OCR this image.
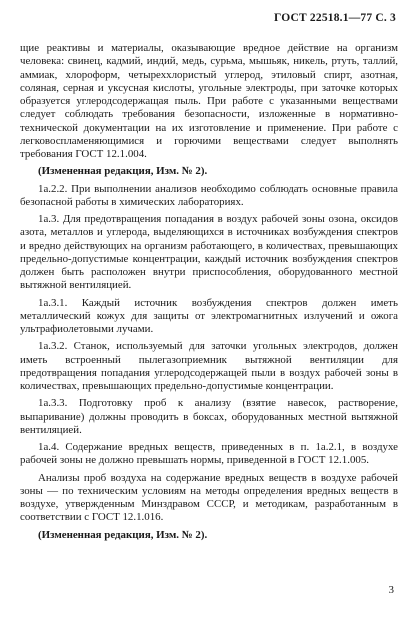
ГОСТ 22518.1—77 С. 3

щие реактивы и материалы, оказывающие вредное действие на организм человека: свинец, кадмий, индий, медь, сурьма, мышьяк, никель, ртуть, таллий, аммиак, хлороформ, четыреххлористый углерод, этиловый спирт, азотная, соляная, серная и уксусная кислоты, угольные электроды, при заточке которых образуется углеродсодержащая пыль. При работе с указанными веществами следует соблюдать требования безопасности, изложенные в нормативно-технической документации на их изготовление и применение. При работе с легковоспламеняющимися и горючими веществами следует выполнять требования ГОСТ 12.1.004.

(Измененная редакция, Изм. № 2).

1а.2.2. При выполнении анализов необходимо соблюдать основные правила безопасной работы в химических лабораториях.

1а.3. Для предотвращения попадания в воздух рабочей зоны озона, оксидов азота, металлов и углерода, выделяющихся в источниках возбуждения спектров и вредно действующих на организм работающего, в количествах, превышающих предельно-допустимые концентрации, каждый источник возбуждения спектров должен быть расположен внутри приспособления, оборудованного местной вытяжной вентиляцией.

1а.3.1. Каждый источник возбуждения спектров должен иметь металлический кожух для защиты от электромагнитных излучений и ожога ультрафиолетовыми лучами.

1а.3.2. Станок, используемый для заточки угольных электродов, должен иметь встроенный пылегазоприемник вытяжной вентиляции для предотвращения попадания углеродсодержащей пыли в воздух рабочей зоны в количествах, превышающих предельно-допустимые концентрации.

1а.3.3. Подготовку проб к анализу (взятие навесок, растворение, выпаривание) должны проводить в боксах, оборудованных местной вытяжной вентиляцией.

1а.4. Содержание вредных веществ, приведенных в п. 1а.2.1, в воздухе рабочей зоны не должно превышать нормы, приведенной в ГОСТ 12.1.005.

Анализы проб воздуха на содержание вредных веществ в воздухе рабочей зоны — по техническим условиям на методы определения вредных веществ в воздухе, утвержденным Минздравом СССР, и методикам, разработанным в соответствии с ГОСТ 12.1.016.

(Измененная редакция, Изм. № 2).

3
